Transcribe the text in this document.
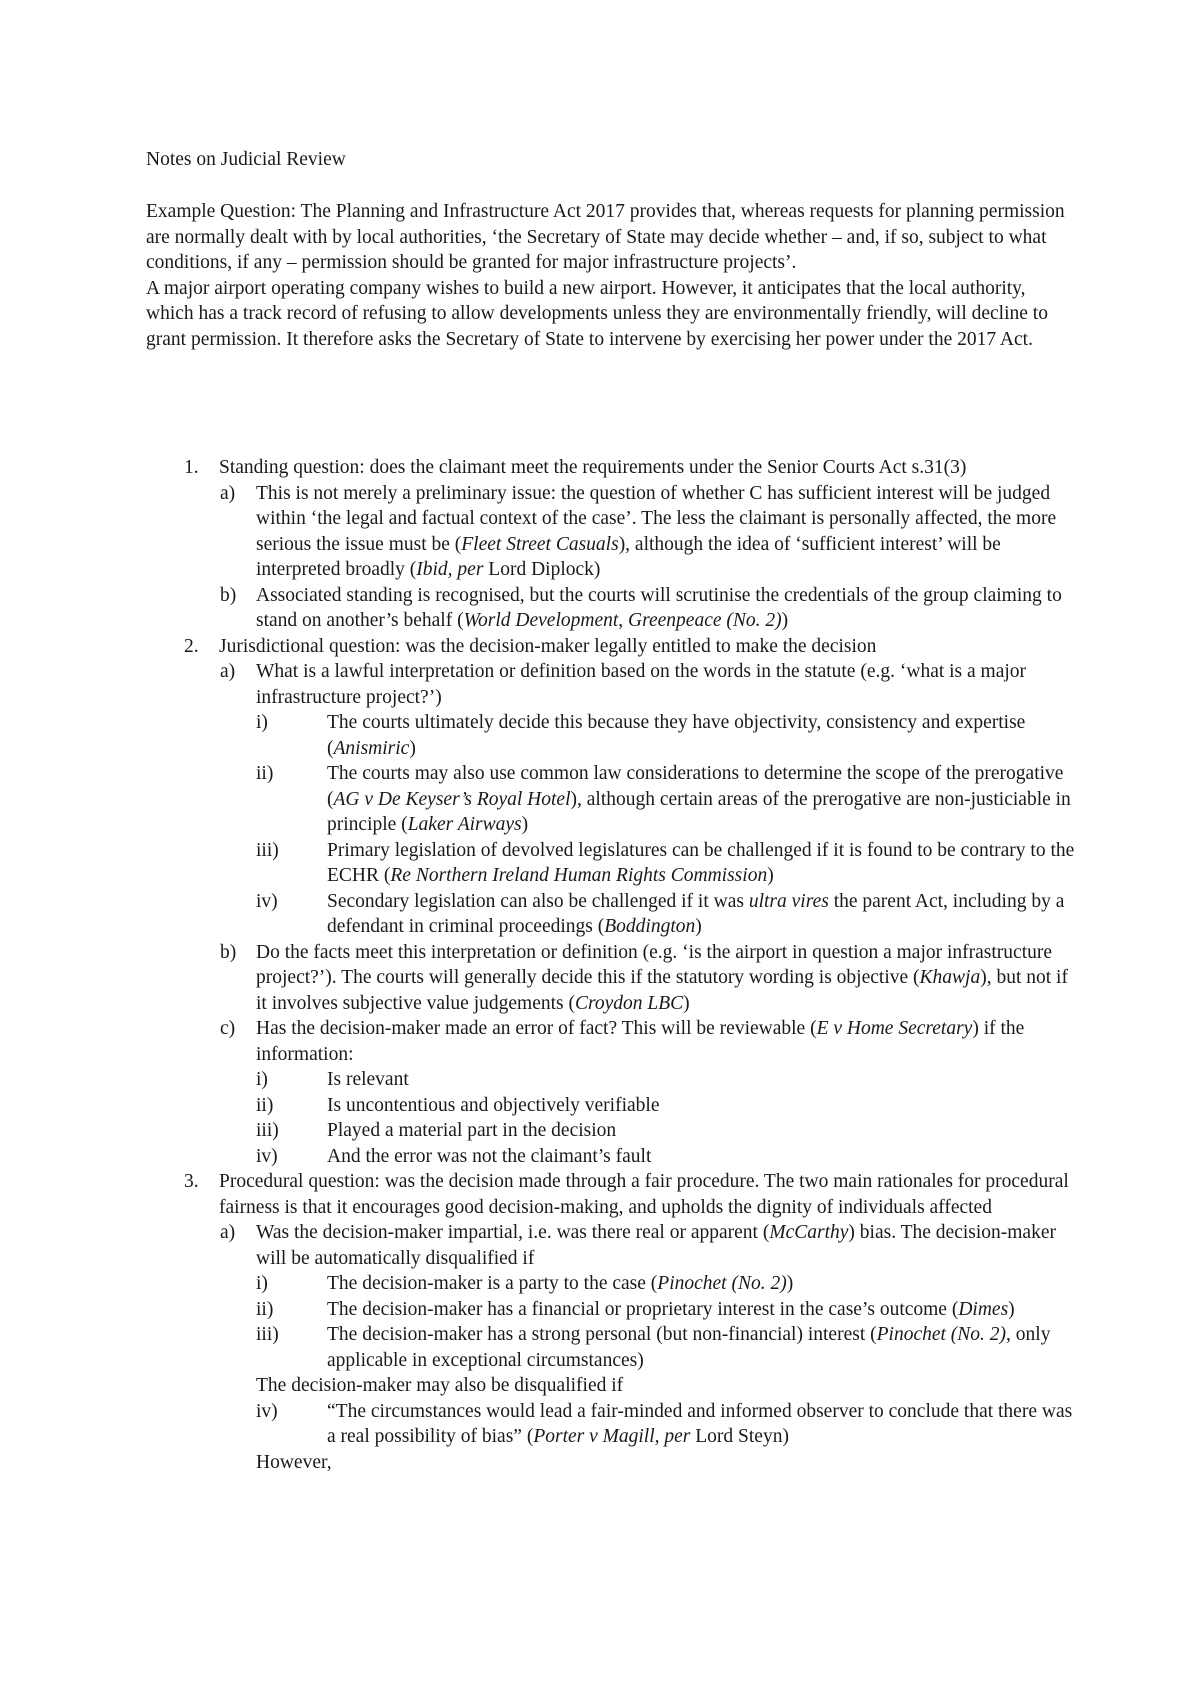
Notes on Judicial Review

Example Question: The Planning and Infrastructure Act 2017 provides that, whereas requests for planning permission are normally dealt with by local authorities, ‘the Secretary of State may decide whether – and, if so, subject to what conditions, if any – permission should be granted for major infrastructure projects’.

A major airport operating company wishes to build a new airport. However, it anticipates that the local authority, which has a track record of refusing to allow developments unless they are environmentally friendly, will decline to grant permission. It therefore asks the Secretary of State to intervene by exercising her power under the 2017 Act.

1. Standing question: does the claimant meet the requirements under the Senior Courts Act s.31(3)
a) This is not merely a preliminary issue: the question of whether C has sufficient interest will be judged within ‘the legal and factual context of the case’. The less the claimant is personally affected, the more serious the issue must be (Fleet Street Casuals), although the idea of ‘sufficient interest’ will be interpreted broadly (Ibid, per Lord Diplock)
b) Associated standing is recognised, but the courts will scrutinise the credentials of the group claiming to stand on another’s behalf (World Development, Greenpeace (No. 2))
2. Jurisdictional question: was the decision-maker legally entitled to make the decision
a) What is a lawful interpretation or definition based on the words in the statute (e.g. ‘what is a major infrastructure project?’)
i)	The courts ultimately decide this because they have objectivity, consistency and expertise (Anismiric)
ii)	The courts may also use common law considerations to determine the scope of the prerogative (AG v De Keyser’s Royal Hotel), although certain areas of the prerogative are non-justiciable in principle (Laker Airways)
iii) Primary legislation of devolved legislatures can be challenged if it is found to be contrary to the ECHR (Re Northern Ireland Human Rights Commission)
iv)	Secondary legislation can also be challenged if it was ultra vires the parent Act, including by a defendant in criminal proceedings (Boddington)
b) Do the facts meet this interpretation or definition (e.g. ‘is the airport in question a major infrastructure project?’). The courts will generally decide this if the statutory wording is objective (Khawja), but not if it involves subjective value judgements (Croydon LBC)
c) Has the decision-maker made an error of fact? This will be reviewable (E v Home Secretary) if the information:
i)	Is relevant
ii)	Is uncontentious and objectively verifiable
iii) Played a material part in the decision
iv)	And the error was not the claimant’s fault
3. Procedural question: was the decision made through a fair procedure. The two main rationales for procedural fairness is that it encourages good decision-making, and upholds the dignity of individuals affected
a) Was the decision-maker impartial, i.e. was there real or apparent (McCarthy) bias. The decision-maker will be automatically disqualified if
i)	The decision-maker is a party to the case (Pinochet (No. 2))
ii)	The decision-maker has a financial or proprietary interest in the case’s outcome (Dimes)
iii) The decision-maker has a strong personal (but non-financial) interest (Pinochet (No. 2), only applicable in exceptional circumstances)
The decision-maker may also be disqualified if
iv)	“The circumstances would lead a fair-minded and informed observer to conclude that there was a real possibility of bias” (Porter v Magill, per Lord Steyn)
However,
